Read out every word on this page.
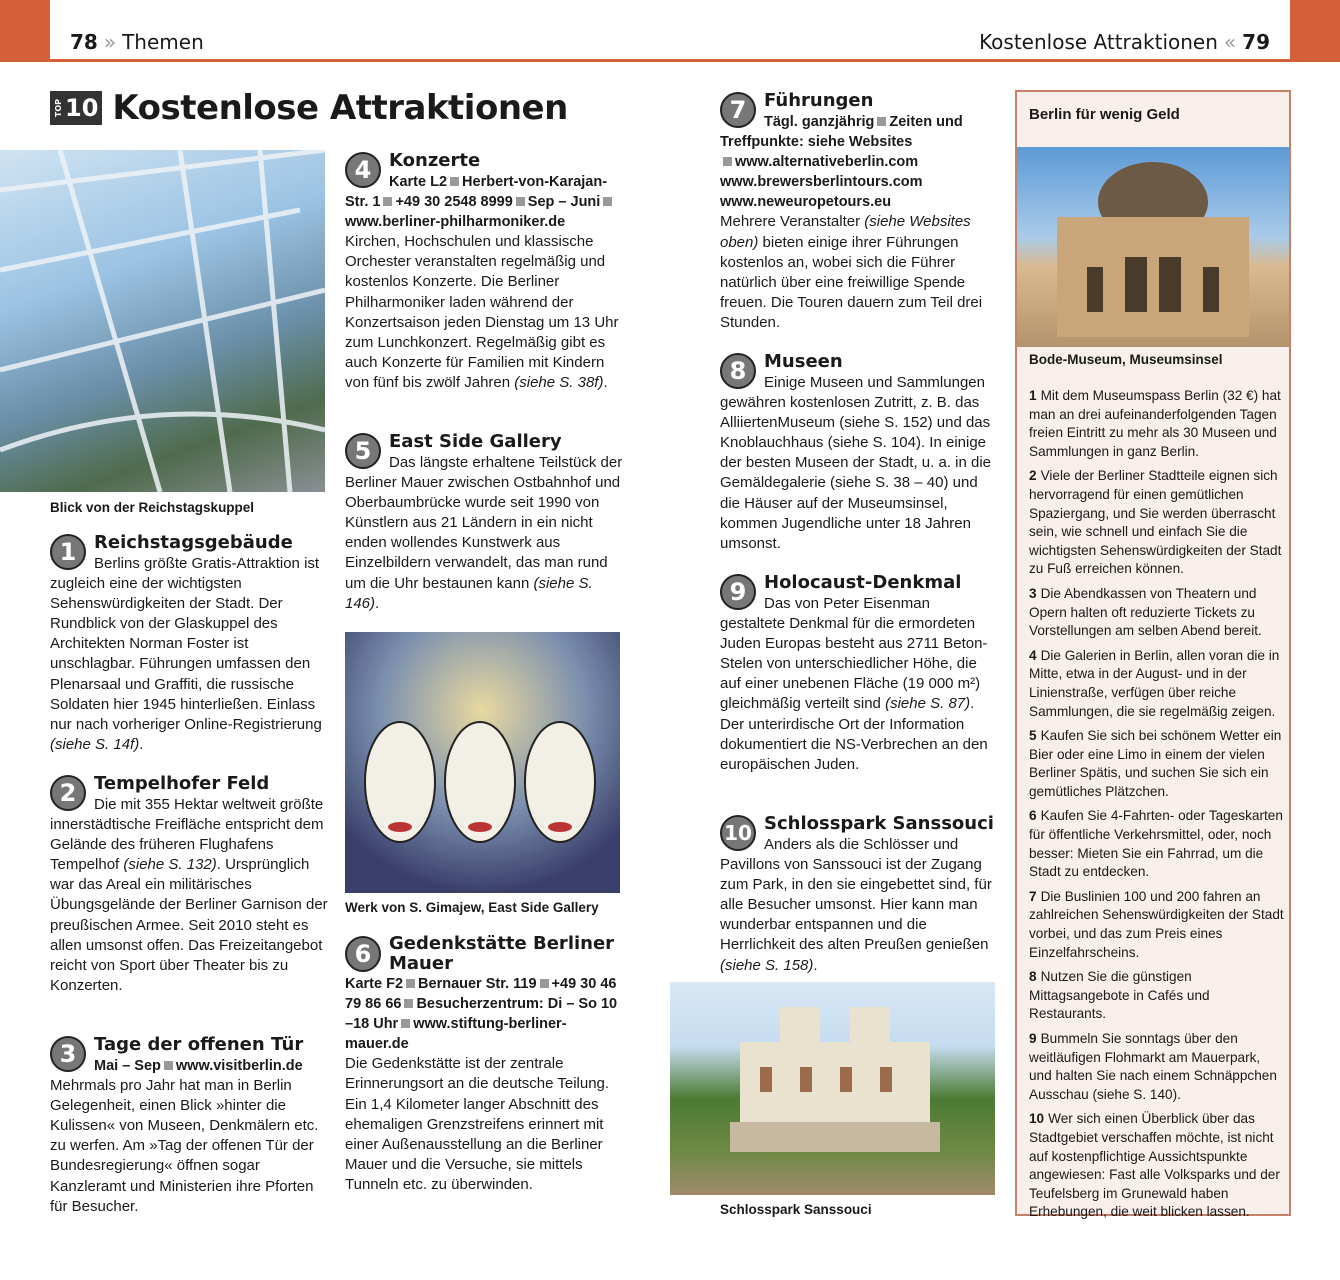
78 » Themen	Kostenlose Attraktionen « 79
TOP 10 Kostenlose Attraktionen
Blick von der Reichstagskuppel
Werk von S. Gimajew, East Side Gallery
Schlosspark Sanssouci
1 Reichstagsgebäude

Berlins größte Gratis-Attraktion ist zugleich eine der wichtigsten Sehenswürdigkeiten der Stadt. Der Rundblick von der Glaskuppel des Architekten Norman Foster ist unschlagbar. Führungen umfassen den Plenarsaal und Graffiti, die russische Soldaten hier 1945 hinterließen. Einlass nur nach vorheriger Online-Registrierung (siehe S. 14f).

2 Tempelhofer Feld

Die mit 355 Hektar weltweit größte innerstädtische Freifläche entspricht dem Gelände des früheren Flughafens Tempelhof (siehe S. 132). Ursprünglich war das Areal ein militärisches Übungsgelände der Berliner Garnison der preußischen Armee. Seit 2010 steht es allen umsonst offen. Das Freizeitangebot reicht von Sport über Theater bis zu Konzerten.

3 Tage der offenen Tür
Mai – Sep www.visitberlin.de

Mehrmals pro Jahr hat man in Berlin Gelegenheit, einen Blick »hinter die Kulissen« von Museen, Denkmälern etc. zu werfen. Am »Tag der offenen Tür der Bundesregierung« öffnen sogar Kanzleramt und Ministerien ihre Pforten für Besucher.

4 Konzerte
Karte L2 Herbert-von-Karajan-Str. 1 +49 30 2548 8999 Sep – Juniwww.berliner-philharmoniker.de

Kirchen, Hochschulen und klassische Orchester veranstalten regelmäßig und kostenlos Konzerte. Die Berliner Philharmoniker laden während der Konzertsaison jeden Dienstag um 13 Uhr zum Lunchkonzert. Regelmäßig gibt es auch Konzerte für Familien mit Kindern von fünf bis zwölf Jahren (siehe S. 38f).

5 East Side Gallery

Das längste erhaltene Teilstück der Berliner Mauer zwischen Ostbahnhof und Oberbaumbrücke wurde seit 1990 von Künstlern aus 21 Ländern in ein nicht enden wollendes Kunstwerk aus Einzelbildern verwandelt, das man rund um die Uhr bestaunen kann (siehe S. 146).

6 Gedenkstätte Berliner Mauer
Karte F2 Bernauer Str. 119 +49 30 46 79 86 66 Besucherzentrum: Di – So 10 –18 Uhr www.stiftung-berliner-mauer.de

Die Gedenkstätte ist der zentrale Erinnerungsort an die deutsche Teilung. Ein 1,4 Kilometer langer Abschnitt des ehemaligen Grenzstreifens erinnert mit einer Außenausstellung an die Berliner Mauer und die Versuche, sie mittels Tunneln etc. zu überwinden.

7 Führungen
Tägl. ganzjährig Zeiten und Treffpunkte: siehe Websites
www.alternativeberlin.com www.brewersberlintours.com www.neweuropetours.eu

Mehrere Veranstalter (siehe Websites oben) bieten einige ihrer Führungen kostenlos an, wobei sich die Führer natürlich über eine freiwillige Spende freuen. Die Touren dauern zum Teil drei Stunden.

8 Museen

Einige Museen und Sammlungen gewähren kostenlosen Zutritt, z. B. das AlliiertenMuseum (siehe S. 152) und das Knoblauchhaus (siehe S. 104). In einige der besten Museen der Stadt, u. a. in die Gemäldegalerie (siehe S. 38 – 40) und die Häuser auf der Museumsinsel, kommen Jugendliche unter 18 Jahren umsonst.

9 Holocaust-Denkmal

Das von Peter Eisenman gestaltete Denkmal für die ermordeten Juden Europas besteht aus 2711 Beton-Stelen von unterschiedlicher Höhe, die auf einer unebenen Fläche (19 000 m²) gleichmäßig verteilt sind (siehe S. 87). Der unterirdische Ort der Information dokumentiert die NS-Verbrechen an den europäischen Juden.

10 Schlosspark Sanssouci

Anders als die Schlösser und Pavillons von Sanssouci ist der Zugang zum Park, in den sie eingebettet sind, für alle Besucher umsonst. Hier kann man wunderbar entspannen und die Herrlichkeit des alten Preußen genießen (siehe S. 158).

Berlin für wenig Geld
Bode-Museum, Museumsinsel

1 Mit dem Museumspass Berlin (32 €) hat man an drei aufeinanderfolgenden Tagen freien Eintritt zu mehr als 30 Museen und Sammlungen in ganz Berlin.

2 Viele der Berliner Stadtteile eignen sich hervorragend für einen gemütlichen Spaziergang, und Sie werden überrascht sein, wie schnell und einfach Sie die wichtigsten Sehenswürdigkeiten der Stadt zu Fuß erreichen können.

3 Die Abendkassen von Theatern und Opern halten oft reduzierte Tickets zu Vorstellungen am selben Abend bereit.

4 Die Galerien in Berlin, allen voran die in Mitte, etwa in der August- und in der Linienstraße, verfügen über reiche Sammlungen, die sie regelmäßig zeigen.

5 Kaufen Sie sich bei schönem Wetter ein Bier oder eine Limo in einem der vielen Berliner Spätis, und suchen Sie sich ein gemütliches Plätzchen.

6 Kaufen Sie 4-Fahrten- oder Tageskarten für öffentliche Verkehrsmittel, oder, noch besser: Mieten Sie ein Fahrrad, um die Stadt zu entdecken.

7 Die Buslinien 100 und 200 fahren an zahlreichen Sehenswürdigkeiten der Stadt vorbei, und das zum Preis eines Einzelfahrscheins.

8 Nutzen Sie die günstigen Mittagsangebote in Cafés und Restaurants.

9 Bummeln Sie sonntags über den weitläufigen Flohmarkt am Mauerpark, und halten Sie nach einem Schnäppchen Ausschau (siehe S. 140).

10 Wer sich einen Überblick über das Stadtgebiet verschaffen möchte, ist nicht auf kostenpflichtige Aussichtspunkte angewiesen: Fast alle Volksparks und der Teufelsberg im Grunewald haben Erhebungen, die weit blicken lassen.
